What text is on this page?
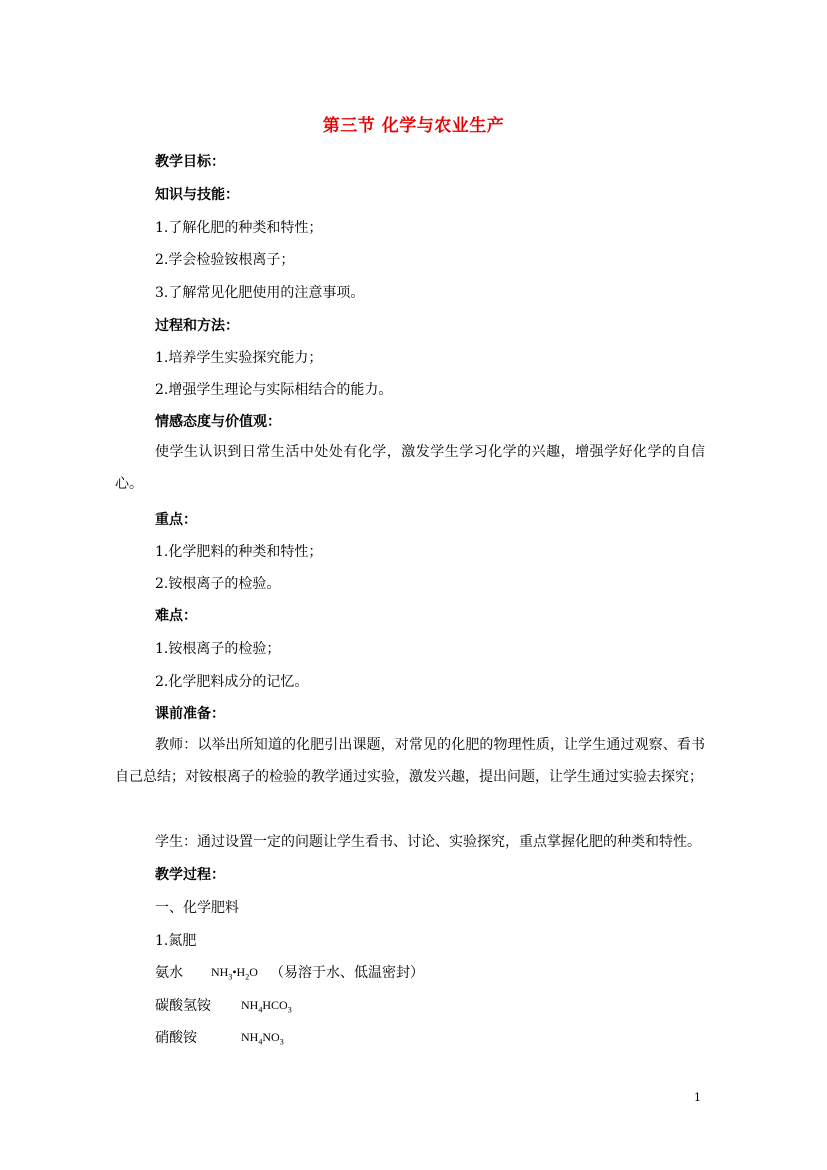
第三节 化学与农业生产
教学目标：
知识与技能：
1.了解化肥的种类和特性；
2.学会检验铵根离子；
3.了解常见化肥使用的注意事项。
过程和方法：
1.培养学生实验探究能力；
2.增强学生理论与实际相结合的能力。
情感态度与价值观：
使学生认识到日常生活中处处有化学，激发学生学习化学的兴趣，增强学好化学的自信心。
重点：
1.化学肥料的种类和特性；
2.铵根离子的检验。
难点：
1.铵根离子的检验；
2.化学肥料成分的记忆。
课前准备：
教师：以举出所知道的化肥引出课题，对常见的化肥的物理性质，让学生通过观察、看书自己总结；对铵根离子的检验的教学通过实验，激发兴趣，提出问题，让学生通过实验去探究；
学生：通过设置一定的问题让学生看书、讨论、实验探究，重点掌握化肥的种类和特性。
教学过程：
一、化学肥料
1.氮肥
氨水 $NH_3•H_2O$ （易溶于水、低温密封）
碳酸氢铵	$NH_4HCO_3$
硝酸铵	$NH_4NO_3$
1
